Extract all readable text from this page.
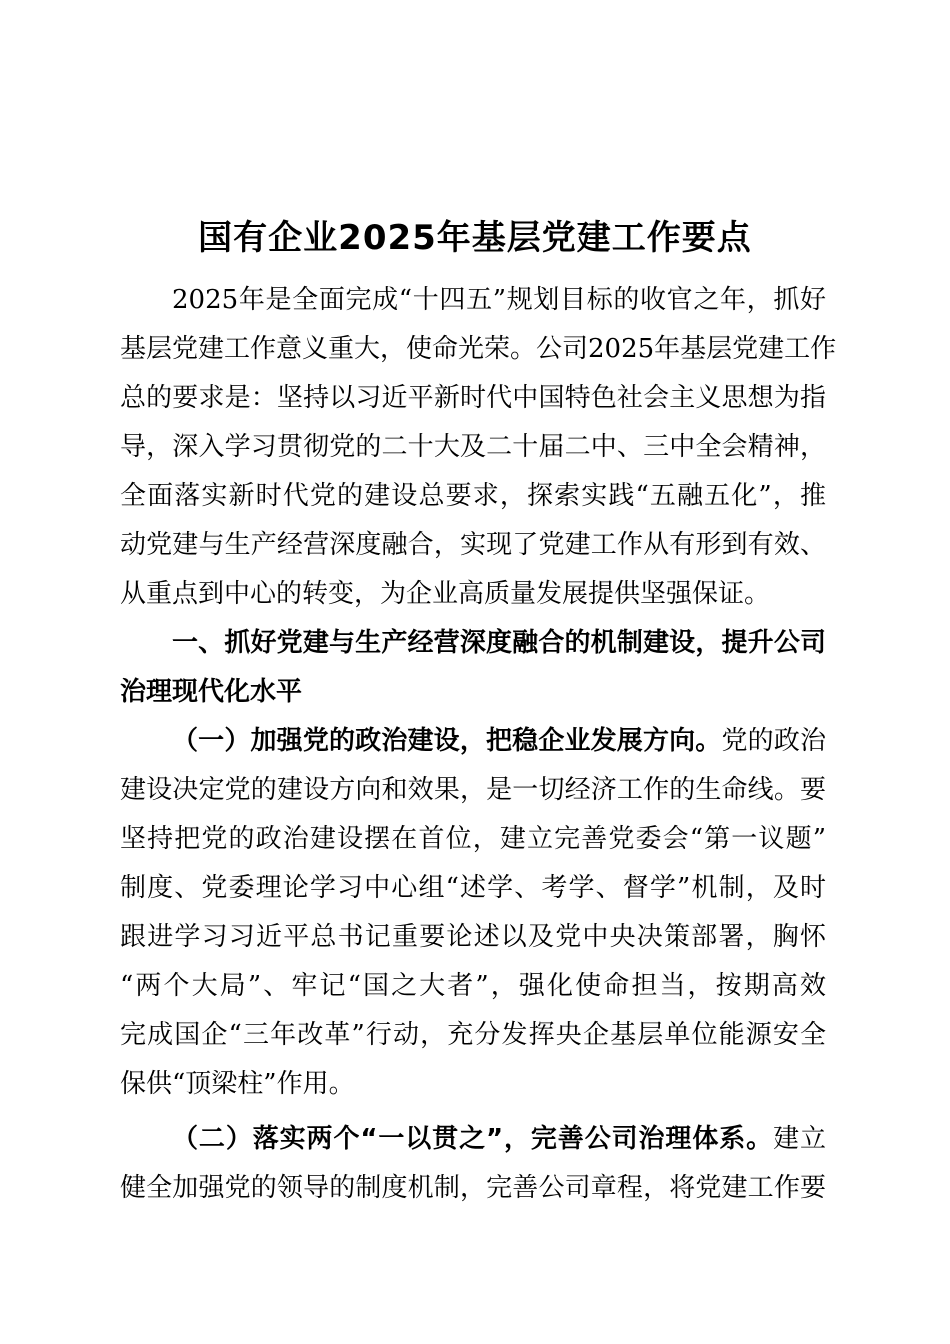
国有企业2025年基层党建工作要点
2025年是全面完成“十四五”规划目标的收官之年，抓好
基层党建工作意义重大，使命光荣。公司2025年基层党建工作
总的要求是：坚持以习近平新时代中国特色社会主义思想为指
导，深入学习贯彻党的二十大及二十届二中、三中全会精神，
全面落实新时代党的建设总要求，探索实践“五融五化”，推
动党建与生产经营深度融合，实现了党建工作从有形到有效、
从重点到中心的转变，为企业高质量发展提供坚强保证。
一、抓好党建与生产经营深度融合的机制建设，提升公司
治理现代化水平
（一）加强党的政治建设，把稳企业发展方向。党的政治
建设决定党的建设方向和效果，是一切经济工作的生命线。要
坚持把党的政治建设摆在首位，建立完善党委会“第一议题”
制度、党委理论学习中心组“述学、考学、督学”机制，及时
跟进学习习近平总书记重要论述以及党中央决策部署，胸怀
“两个大局”、牢记“国之大者”，强化使命担当，按期高效
完成国企“三年改革”行动，充分发挥央企基层单位能源安全
保供“顶梁柱”作用。
（二）落实两个“一以贯之”，完善公司治理体系。建立
健全加强党的领导的制度机制，完善公司章程，将党建工作要
